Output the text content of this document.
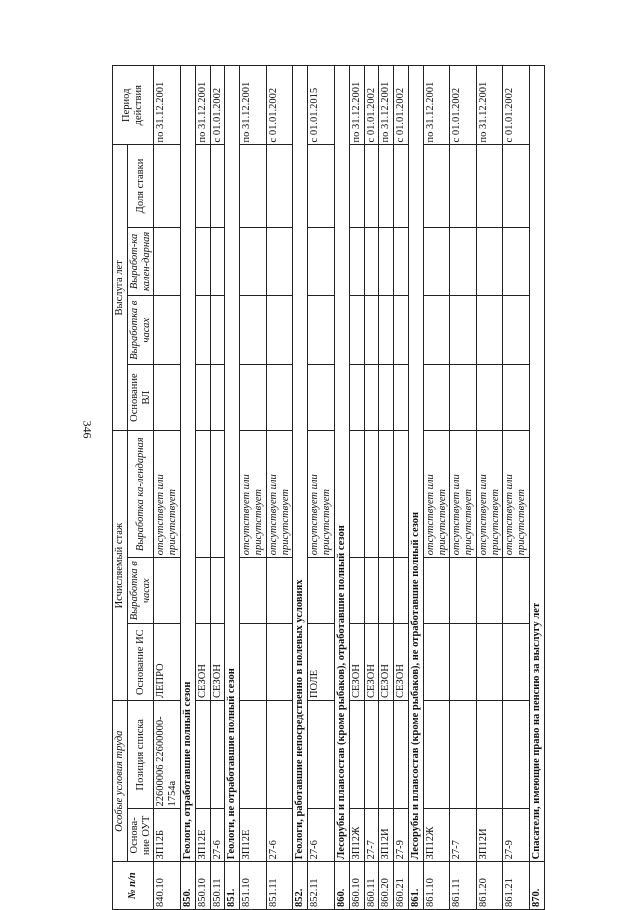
346
№ п/п	Особые условия труда		Исчисляемый стаж			Выслуга лет				Период действия
	Основа-ние ОУТ	Позиция списка	Основание ИС	Выработка в часах	Выработка ка-лендарная	Основание ВЛ	Выработка в часах	Выработ-ка кален-дарная	Доля ставки	
840.10	ЗП12Б	22600006 22600000-1754а	ЛЕПРО		отсутствует или присутствует					по 31.12.2001
850.	Геологи, отработавшие полный сезон									
850.10	ЗП12Е		СЕЗОН							по 31.12.2001
850.11	27-6		СЕЗОН							с 01.01.2002
851.	Геологи, не отработавшие полный сезон									
851.10	ЗП12Е				отсутствует или присутствует					по 31.12.2001
851.11	27-6				отсутствует или присутствует					с 01.01.2002
852.	Геологи, работавшие непосредственно в полевых условиях									
852.11	27-6		ПОЛЕ		отсутствует или присутствует					с 01.01.2015
860.	Лесорубы и плавсостав (кроме рыбаков), отработавшие полный сезон									
860.10	ЗП12Ж		СЕЗОН							по 31.12.2001
860.11	27-7		СЕЗОН							с 01.01.2002
860.20	ЗП12И		СЕЗОН							по 31.12.2001
860.21	27-9		СЕЗОН							с 01.01.2002
861.	Лесорубы и плавсостав (кроме рыбаков), не отработавшие полный сезон									
861.10	ЗП12Ж				отсутствует или присутствует					по 31.12.2001
861.11	27-7				отсутствует или присутствует					с 01.01.2002
861.20	ЗП12И				отсутствует или присутствует					по 31.12.2001
861.21	27-9				отсутствует или присутствует					с 01.01.2002
870.	Спасатели, имеющие право на пенсию за выслугу лет									
